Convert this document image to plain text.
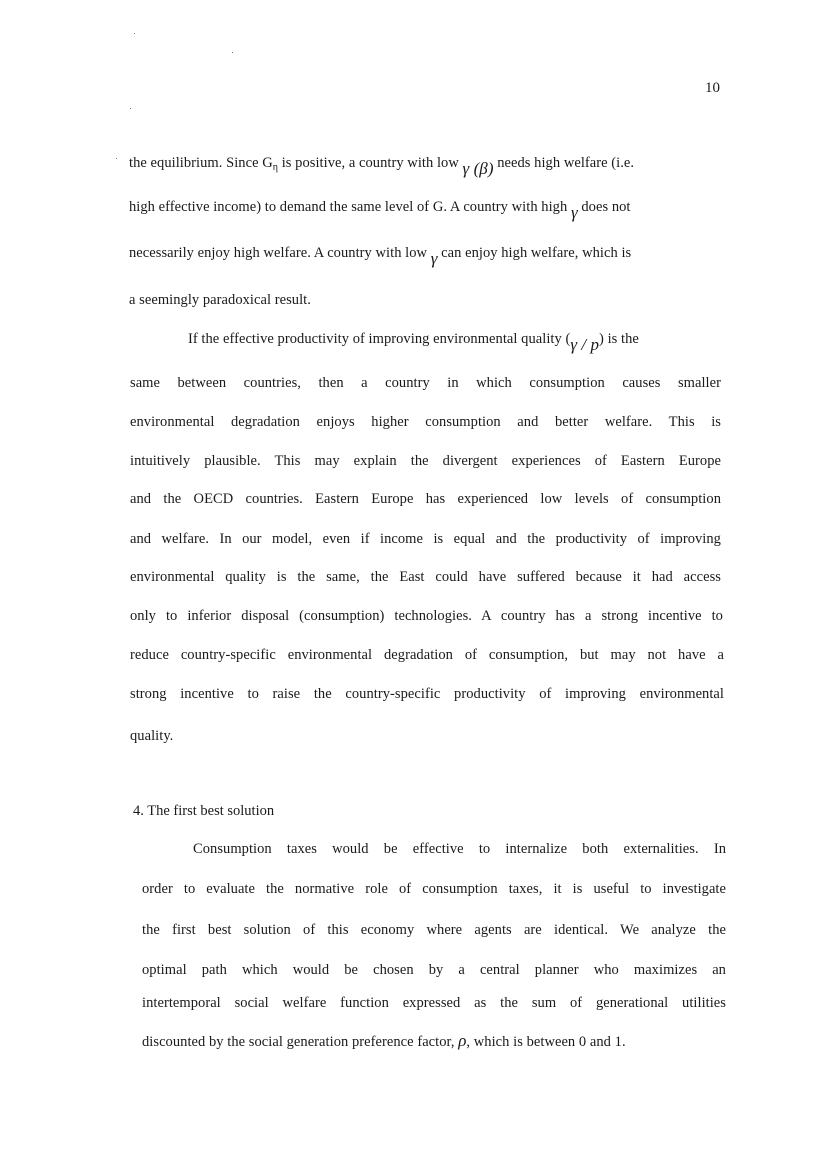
10
the equilibrium. Since $G_\eta$ is positive, a country with low γ (β) needs high welfare (i.e.
high effective income) to demand the same level of G. A country with high γ does not
necessarily enjoy high welfare. A country with low γ can enjoy high welfare, which is
a seemingly paradoxical result.
If the effective productivity of improving environmental quality (γ / p) is the
same between countries, then a country in which consumption causes smaller
environmental degradation enjoys higher consumption and better welfare. This is
intuitively plausible. This may explain the divergent experiences of Eastern Europe
and the OECD countries. Eastern Europe has experienced low levels of consumption
and welfare. In our model, even if income is equal and the productivity of improving
environmental quality is the same, the East could have suffered because it had access
only to inferior disposal (consumption) technologies. A country has a strong incentive to
reduce country-specific environmental degradation of consumption, but may not have a
strong incentive to raise the country-specific productivity of improving environmental
quality.
4. The first best solution
Consumption taxes would be effective to internalize both externalities. In
order to evaluate the normative role of consumption taxes, it is useful to investigate
the first best solution of this economy where agents are identical. We analyze the
optimal path which would be chosen by a central planner who maximizes an
intertemporal social welfare function expressed as the sum of generational utilities
discounted by the social generation preference factor, ρ, which is between 0 and 1.
